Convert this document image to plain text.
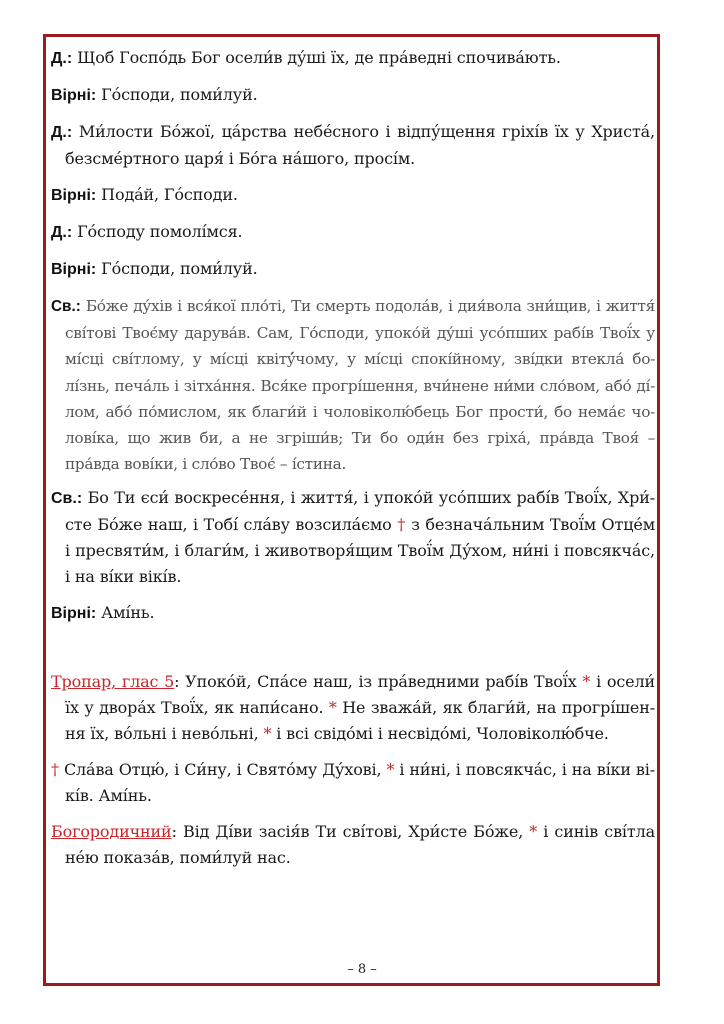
Д.: Щоб Госпо́дь Бог осели́в ду́ші їх, де пра́ведні спочива́ють.

Вірні: Го́споди, поми́луй.

Д.: Ми́лости Бо́жої, ца́рства небе́сного і відпу́щення гріхі́в їх у Христа́, безсме́ртного царя́ і Бо́га на́шого, просі́м.

Вірні: Пода́й, Го́споди.

Д.: Го́споду помолі́мся.

Вірні: Го́споди, поми́луй.

Св.: Бо́же ду́хів і вся́кої пло́ті, Ти смерть подола́в, і дия́вола зни́щив, і життя́ сві́тові Твоє́му дарува́в. Сам, Го́споди, упоко́й ду́ші усо́пших рабі́в Твої́х у мі́сці сві́тлому, у мі́сці квітý́чому, у мі́сці спокі́йному, зві́дки втекла́ бо-лі́знь, печа́ль і зітха́ння. Вся́ке прогрі́шення, вчи́нене ни́ми сло́вом, або́ ді́-лом, або́ по́мислом, як благи́й і чоловіколю́бець Бог прости́, бо нема́є чо-ловíка, що жив би, а не згріши́в; Ти бо оди́н без гріха́, пра́вда Твоя́ – пра́вда вовíки, і сло́во Твоє́ – і́стина.

Св.: Бо Ти єси́ воскресе́ння, і життя́, і упоко́й усо́пших рабі́в Твої́х, Хри́-сте Бо́же наш, і Тобі́ сла́ву возсила́ємо † з безнача́льним Твої́м Отце́м і пресвяти́м, і благи́м, і животворя́щим Твої́м Ду́хом, ни́ні і повсякча́с, і на ві́ки вікі́в.

Вірні: Амі́нь.

Тропар, глас 5: Упоко́й, Спа́се наш, із пра́ведними рабі́в Твої́х * і осели́ їх у двора́х Твої́х, як напи́сано. * Не зважа́й, як благи́й, на прогрі́шен-ня їх, во́льні і нево́льні, * і всі свідо́мі і несвідо́мі, Чоловіколю́бче.

† Сла́ва Отцю́, і Си́ну, і Свято́му Ду́хові, * і ни́ні, і повсякча́с, і на ві́ки ві-кі́в. Амі́нь.

Богородичний: Від Ді́ви засія́в Ти сві́тові, Хри́сте Бо́же, * і синів сві́тла не́ю показа́в, поми́луй нас.

– 8 –
